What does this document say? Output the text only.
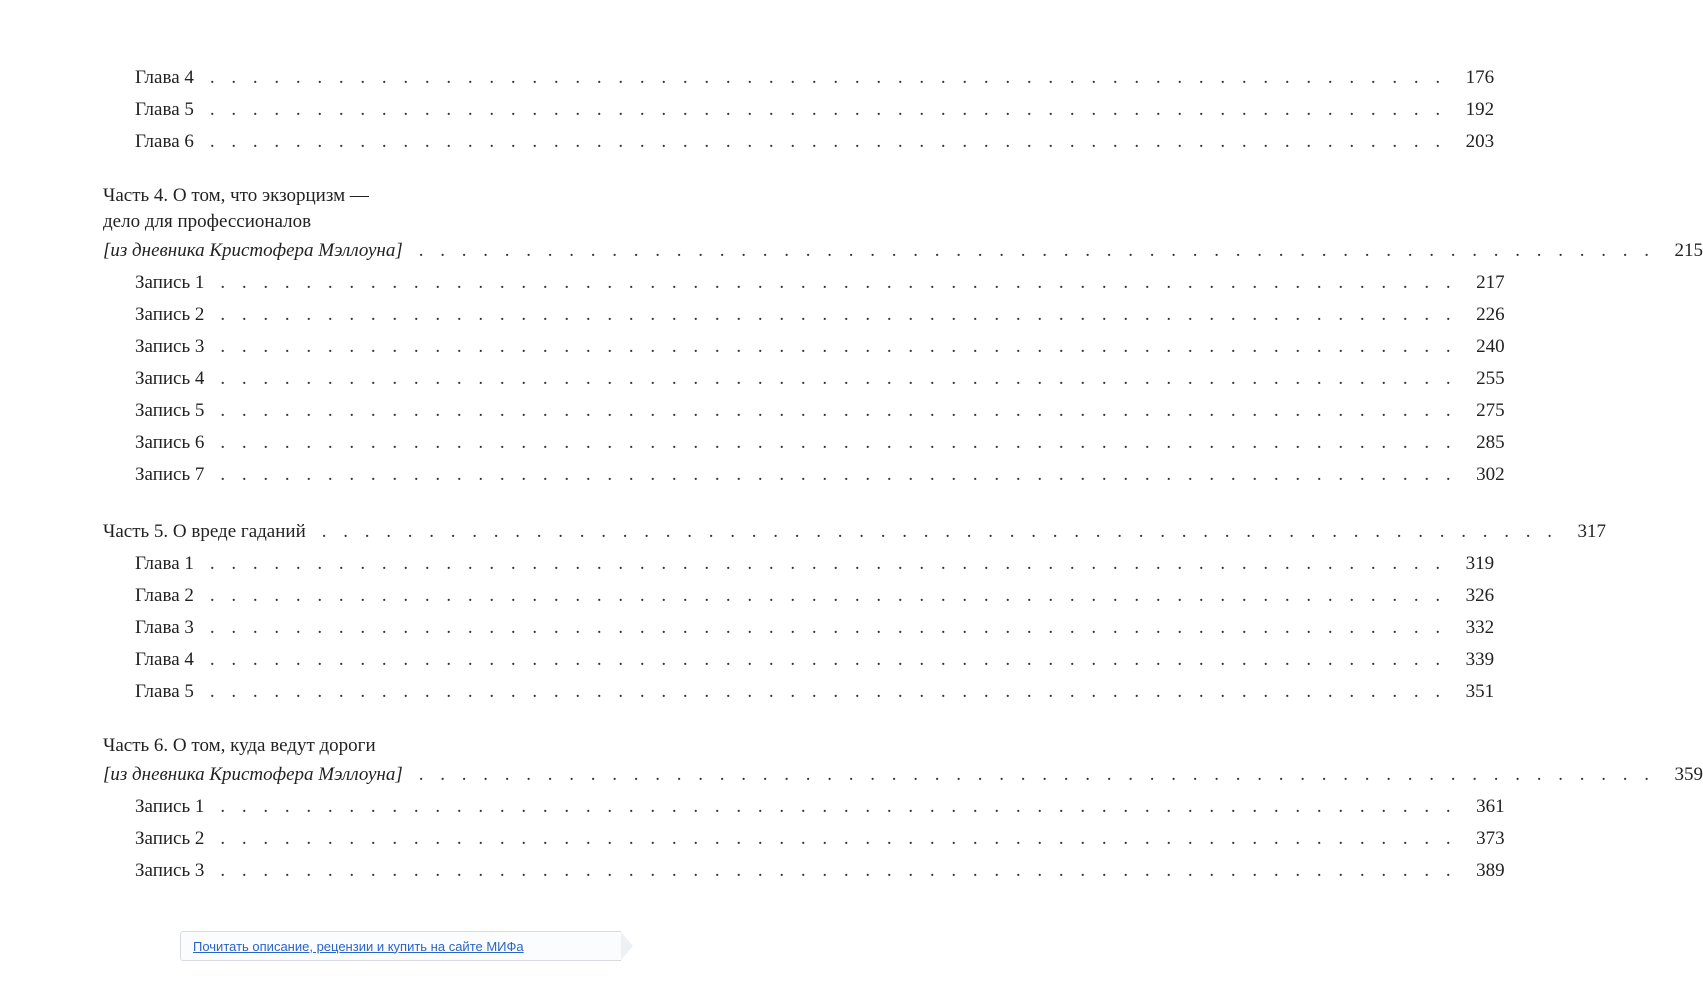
Глава 4 . . . . . . . . . . . . . . . . . . . . . . . . . . . . . . . . . . . . . . . . . . . . . . . . . . . . . . . . . . 176
Глава 5 . . . . . . . . . . . . . . . . . . . . . . . . . . . . . . . . . . . . . . . . . . . . . . . . . . . . . . . . . . 192
Глава 6 . . . . . . . . . . . . . . . . . . . . . . . . . . . . . . . . . . . . . . . . . . . . . . . . . . . . . . . . . . 203
Часть 4. О том, что экзорцизм —
дело для профессионалов
[из дневника Кристофера Мэллоуна] . . . . . . . . . . . . . . . . . . . . . . . . . . . . . . . . . . . . . . . . . . . . . . . . . . . . . . . . . . 215
Запись 1 . . . . . . . . . . . . . . . . . . . . . . . . . . . . . . . . . . . . . . . . . . . . . . . . . . . . . . . . . . 217
Запись 2 . . . . . . . . . . . . . . . . . . . . . . . . . . . . . . . . . . . . . . . . . . . . . . . . . . . . . . . . . . 226
Запись 3 . . . . . . . . . . . . . . . . . . . . . . . . . . . . . . . . . . . . . . . . . . . . . . . . . . . . . . . . . . 240
Запись 4 . . . . . . . . . . . . . . . . . . . . . . . . . . . . . . . . . . . . . . . . . . . . . . . . . . . . . . . . . . 255
Запись 5 . . . . . . . . . . . . . . . . . . . . . . . . . . . . . . . . . . . . . . . . . . . . . . . . . . . . . . . . . . 275
Запись 6 . . . . . . . . . . . . . . . . . . . . . . . . . . . . . . . . . . . . . . . . . . . . . . . . . . . . . . . . . . 285
Запись 7 . . . . . . . . . . . . . . . . . . . . . . . . . . . . . . . . . . . . . . . . . . . . . . . . . . . . . . . . . . 302
Часть 5. О вреде гаданий . . . . . . . . . . . . . . . . . . . . . . . . . . . . . . . . . . . . . . . . . . . . . . . . . . . . . . . . . . 317
Глава 1 . . . . . . . . . . . . . . . . . . . . . . . . . . . . . . . . . . . . . . . . . . . . . . . . . . . . . . . . . . 319
Глава 2 . . . . . . . . . . . . . . . . . . . . . . . . . . . . . . . . . . . . . . . . . . . . . . . . . . . . . . . . . . 326
Глава 3 . . . . . . . . . . . . . . . . . . . . . . . . . . . . . . . . . . . . . . . . . . . . . . . . . . . . . . . . . . 332
Глава 4 . . . . . . . . . . . . . . . . . . . . . . . . . . . . . . . . . . . . . . . . . . . . . . . . . . . . . . . . . . 339
Глава 5 . . . . . . . . . . . . . . . . . . . . . . . . . . . . . . . . . . . . . . . . . . . . . . . . . . . . . . . . . . 351
Часть 6. О том, куда ведут дороги
[из дневника Кристофера Мэллоуна] . . . . . . . . . . . . . . . . . . . . . . . . . . . . . . . . . . . . . . . . . . . . . . . . . . . . . . . . . . 359
Запись 1 . . . . . . . . . . . . . . . . . . . . . . . . . . . . . . . . . . . . . . . . . . . . . . . . . . . . . . . . . . 361
Запись 2 . . . . . . . . . . . . . . . . . . . . . . . . . . . . . . . . . . . . . . . . . . . . . . . . . . . . . . . . . . 373
Запись 3 . . . . . . . . . . . . . . . . . . . . . . . . . . . . . . . . . . . . . . . . . . . . . . . . . . . . . . . . . . 389
Почитать описание, рецензии и купить на сайте МИФа
